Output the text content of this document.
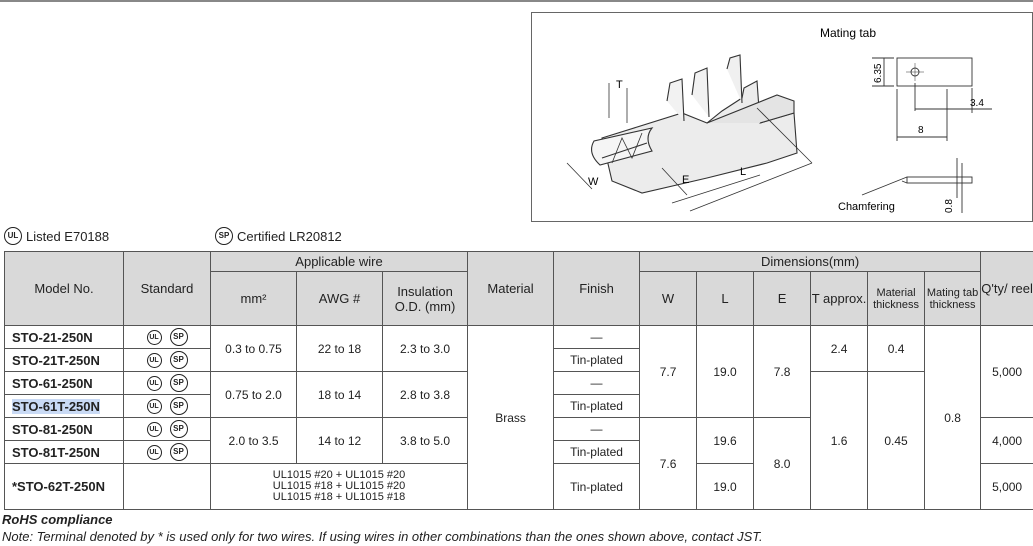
T
W	E
L
Mating tab
6.35
3.4
8
0.8
Chamfering
UL Listed E70188	SP Certified LR20812
Model No.	Standard	Applicable wire			Material	Finish	Dimensions(mm)						Q'ty/ reel
		mm²	AWG #	Insulation O.D. (mm)			W	L	E	T approx.	Material thickness	Mating tab thickness	
STO-21-250N	UL SP	0.3 to 0.75	22 to 18	2.3 to 3.0	Brass	—	7.7	19.0	7.8	2.4	0.4	0.8	5,000
STO-21T-250N	UL SP					Tin-plated							
STO-61-250N	UL SP	0.75 to 2.0	18 to 14	2.8 to 3.8		—				1.6	0.45		
STO-61T-250N	UL SP					Tin-plated							
STO-81-250N	UL SP	2.0 to 3.5	14 to 12	3.8 to 5.0		—	7.6	19.6	8.0				4,000
STO-81T-250N	UL SP					Tin-plated							
*STO-62T-250N		UL1015 #20 + UL1015 #20
UL1015 #18 + UL1015 #20
UL1015 #18 + UL1015 #18				Tin-plated		19.0					5,000
RoHS compliance
Note: Terminal denoted by * is used only for two wires. If using wires in other combinations than the ones shown above, contact JST.
